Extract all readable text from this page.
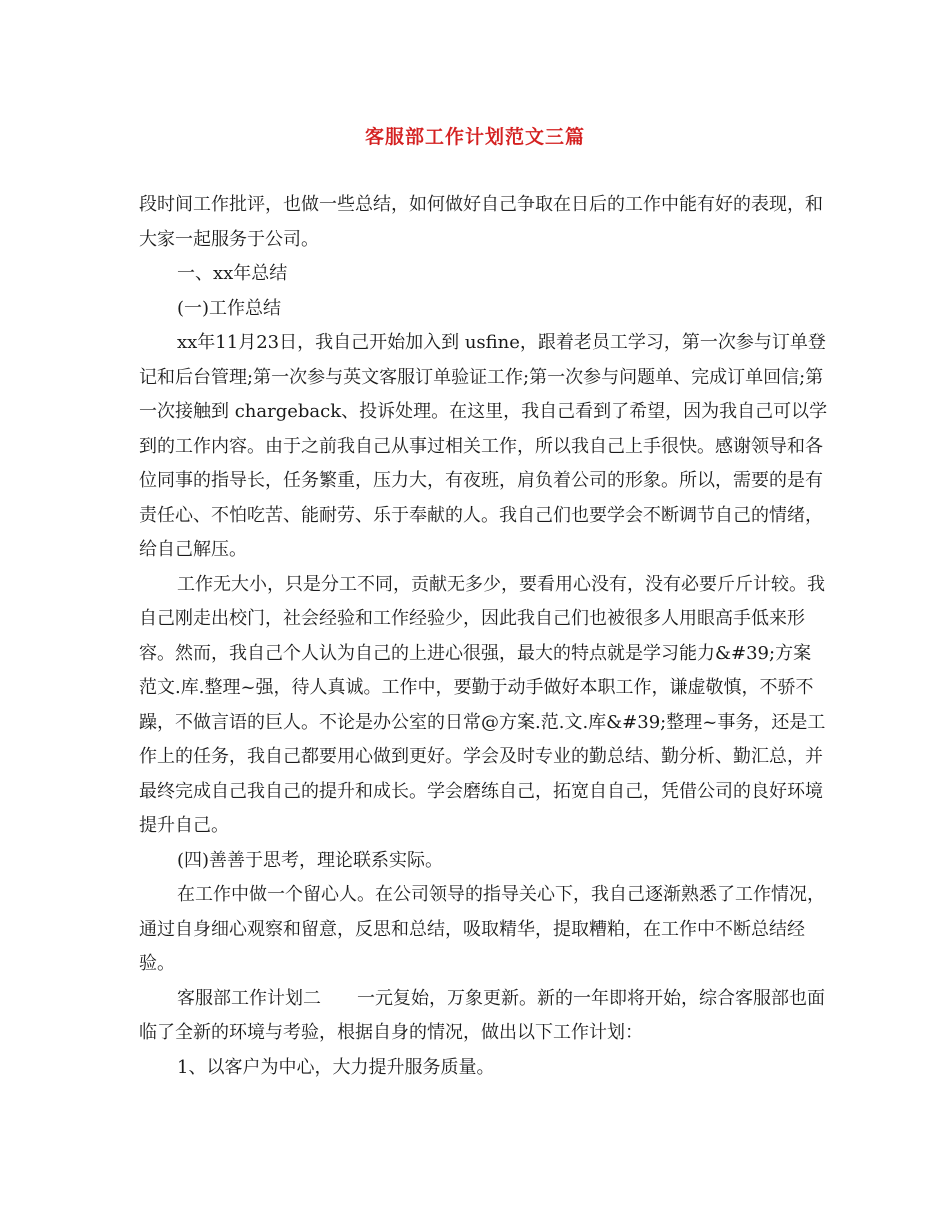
客服部工作计划范文三篇

段时间工作批评，也做一些总结，如何做好自己争取在日后的工作中能有好的表现，和大家一起服务于公司。

一、xx年总结

(一)工作总结

xx年11月23日，我自己开始加入到 usfine，跟着老员工学习，第一次参与订单登记和后台管理;第一次参与英文客服订单验证工作;第一次参与问题单、完成订单回信;第一次接触到 chargeback、投诉处理。在这里，我自己看到了希望，因为我自己可以学到的工作内容。由于之前我自己从事过相关工作，所以我自己上手很快。感谢领导和各位同事的指导长，任务繁重，压力大，有夜班，肩负着公司的形象。所以，需要的是有责任心、不怕吃苦、能耐劳、乐于奉献的人。我自己们也要学会不断调节自己的情绪，给自己解压。

工作无大小，只是分工不同，贡献无多少，要看用心没有，没有必要斤斤计较。我自己刚走出校门，社会经验和工作经验少，因此我自己们也被很多人用眼高手低来形容。然而，我自己个人认为自己的上进心很强，最大的特点就是学习能力&#39;方案范文.库.整理~强，待人真诚。工作中，要勤于动手做好本职工作，谦虚敬慎，不骄不躁，不做言语的巨人。不论是办公室的日常@方案.范.文.库&#39;整理~事务，还是工作上的任务，我自己都要用心做到更好。学会及时专业的勤总结、勤分析、勤汇总，并最终完成自己我自己的提升和成长。学会磨练自己，拓宽自自己，凭借公司的良好环境提升自己。

(四)善善于思考，理论联系实际。

在工作中做一个留心人。在公司领导的指导关心下，我自己逐渐熟悉了工作情况，通过自身细心观察和留意，反思和总结，吸取精华，提取糟粕，在工作中不断总结经验。

客服部工作计划二　　一元复始，万象更新。新的一年即将开始，综合客服部也面临了全新的环境与考验，根据自身的情况，做出以下工作计划：

1、以客户为中心，大力提升服务质量。
